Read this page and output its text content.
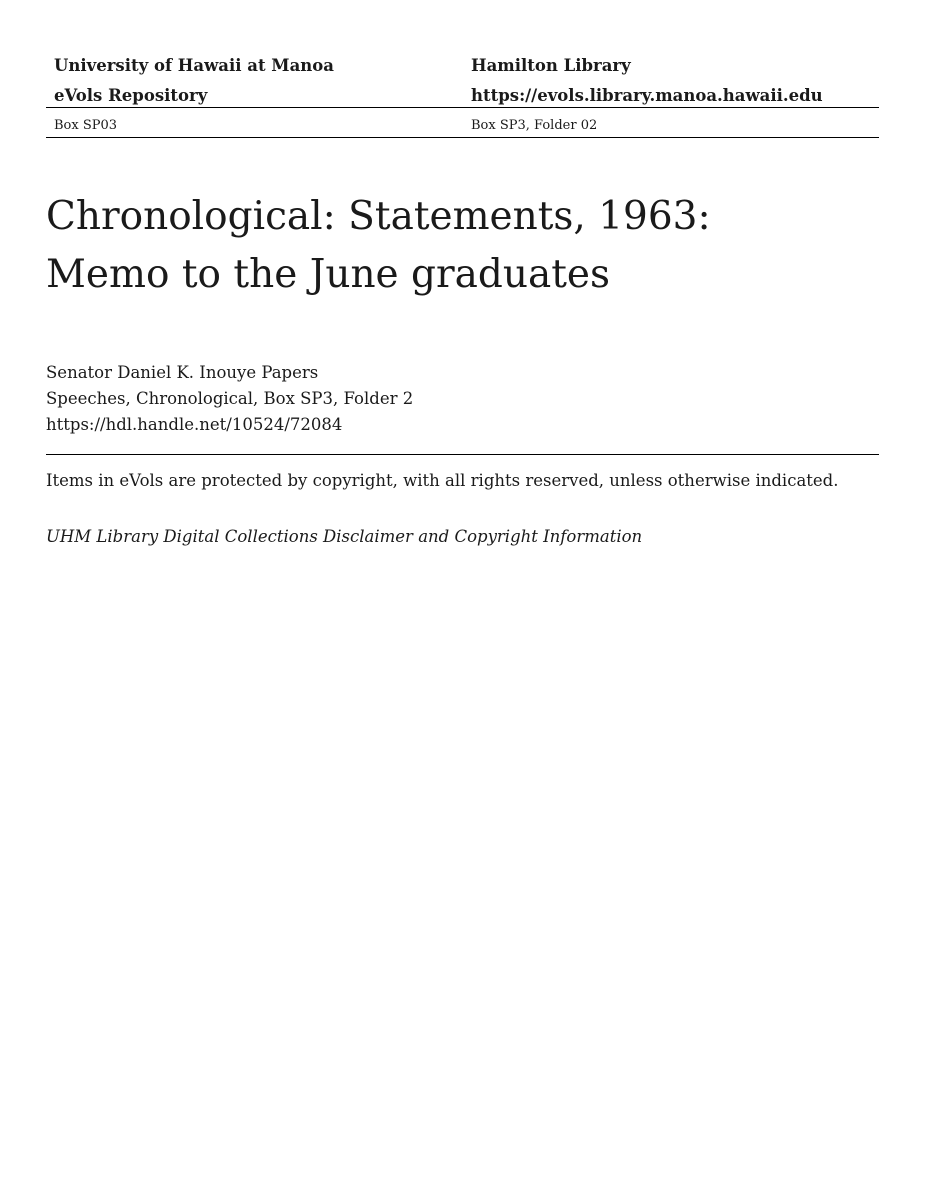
University of Hawaii at Manoa	Hamilton Library
eVols Repository	https://evols.library.manoa.hawaii.edu
Box SP03	Box SP3, Folder 02
Chronological: Statements, 1963:
Memo to the June graduates
Senator Daniel K. Inouye Papers
Speeches, Chronological, Box SP3, Folder 2
https://hdl.handle.net/10524/72084
Items in eVols are protected by copyright, with all rights reserved, unless otherwise indicated.
UHM Library Digital Collections Disclaimer and Copyright Information
